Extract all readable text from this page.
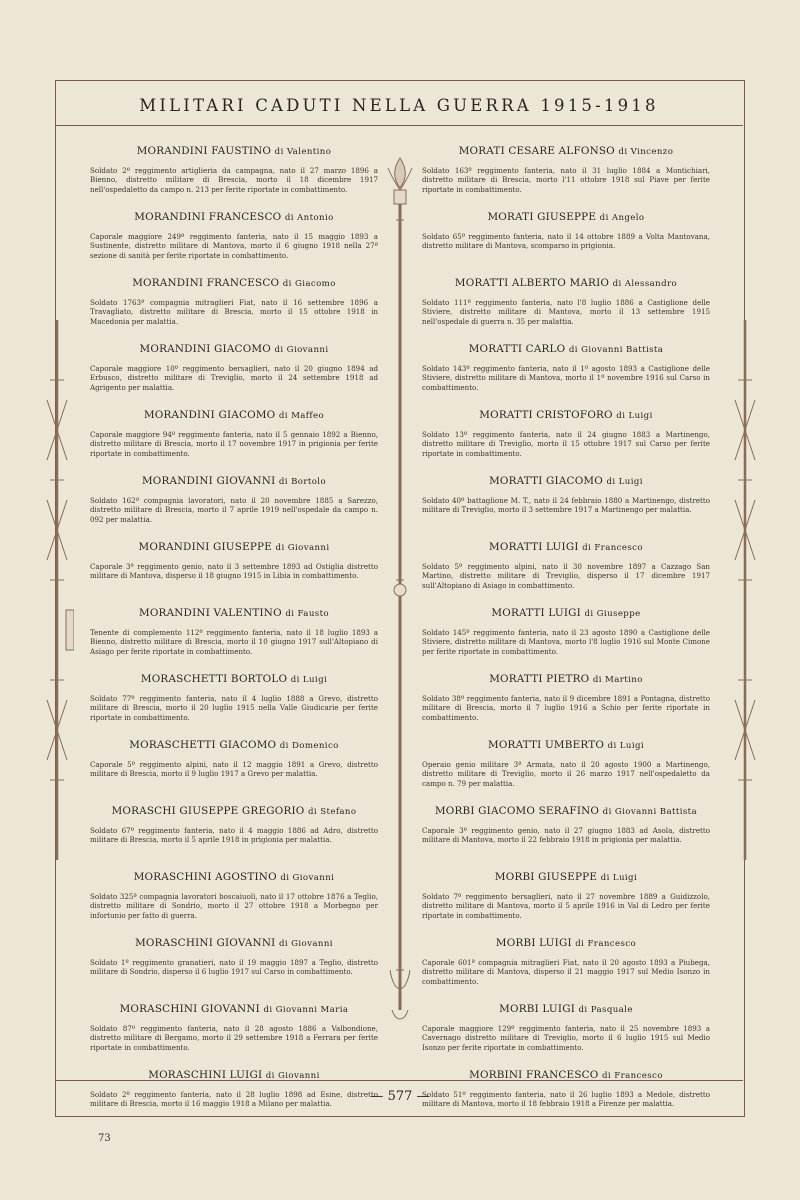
MILITARI CADUTI NELLA GUERRA 1915-1918

MORANDINI FAUSTINO di Valentino

Soldato 2º reggimento artiglieria da campagna, nato il 27 marzo 1896 a Bienno, distretto militare di Brescia, morto il 18 dicembre 1917 nell'ospedaletto da campo n. 213 per ferite riportate in combattimento.

MORANDINI FRANCESCO di Antonio

Caporale maggiore 249º reggimento fanteria, nato il 15 maggio 1893 a Sustinente, distretto militare di Mantova, morto il 6 giugno 1918 nella 27ª sezione di sanità per ferite riportate in combattimento.

MORANDINI FRANCESCO di Giacomo

Soldato 1763ª compagnia mitraglieri Fiat, nato il 16 settembre 1896 a Travagliato, distretto militare di Brescia, morto il 15 ottobre 1918 in Macedonia per malattia.

MORANDINI GIACOMO di Giovanni

Caporale maggiore 10º reggimento bersaglieri, nato il 20 giugno 1894 ad Erbusco, distretto militare di Treviglio, morto il 24 settembre 1918 ad Agrigento per malattia.

MORANDINI GIACOMO di Maffeo

Caporale maggiore 94º reggimento fanteria, nato il 5 gennaio 1892 a Bienno, distretto militare di Brescia, morto il 17 novembre 1917 in prigionia per ferite riportate in combattimento.

MORANDINI GIOVANNI di Bortolo

Soldato 162ª compagnia lavoratori, nato il 20 novembre 1885 a Sarezzo, distretto militare di Brescia, morto il 7 aprile 1919 nell'ospedale da campo n. 092 per malattia.

MORANDINI GIUSEPPE di Giovanni

Caporale 3º reggimento genio, nato il 3 settembre 1893 ad Ostiglia distretto militare di Mantova, disperso il 18 giugno 1915 in Libia in combattimento.

MORANDINI VALENTINO di Fausto

Tenente di complemento 112º reggimento fanteria, nato il 18 luglio 1893 a Bienno, distretto militare di Brescia, morto il 10 giugno 1917 sull'Altopiano di Asiago per ferite riportate in combattimento.

MORASCHETTI BORTOLO di Luigi

Soldato 77º reggimento fanteria, nato il 4 luglio 1888 a Grevo, distretto militare di Brescia, morto il 20 luglio 1915 nella Valle Giudicarie per ferite riportate in combattimento.

MORASCHETTI GIACOMO di Domenico

Caporale 5º reggimento alpini, nato il 12 maggio 1891 a Grevo, distretto militare di Brescia, morto il 9 luglio 1917 a Grevo per malattia.

MORASCHI GIUSEPPE GREGORIO di Stefano

Soldato 67º reggimento fanteria, nato il 4 maggio 1886 ad Adro, distretto militare di Brescia, morto il 5 aprile 1918 in prigionia per malattia.

MORASCHINI AGOSTINO di Giovanni

Soldato 325ª compagnia lavoratori boscaiuoli, nato il 17 ottobre 1876 a Teglio, distretto militare di Sondrio, morto il 27 ottobre 1918 a Morbegno per infortunio per fatto di guerra.

MORASCHINI GIOVANNI di Giovanni

Soldato 1º reggimento granatieri, nato il 19 maggio 1897 a Teglio, distretto militare di Sondrio, disperso il 6 luglio 1917 sul Carso in combattimento.

MORASCHINI GIOVANNI di Giovanni Maria

Soldato 87º reggimento fanteria, nato il 28 agosto 1886 a Valbondione, distretto militare di Bergamo, morto il 29 settembre 1918 a Ferrara per ferite riportate in combattimento.

MORASCHINI LUIGI di Giovanni

Soldato 2º reggimento fanteria, nato il 28 luglio 1898 ad Esine, distretto militare di Brescia, morto il 16 maggio 1918 a Milano per malattia.

MORATI CESARE ALFONSO di Vincenzo

Soldato 163º reggimento fanteria, nato il 31 luglio 1884 a Montichiari, distretto militare di Brescia, morto l'11 ottobre 1918 sul Piave per ferite riportate in combattimento.

MORATI GIUSEPPE di Angelo

Soldato 65º reggimento fanteria, nato il 14 ottobre 1889 a Volta Mantovana, distretto militare di Mantova, scomparso in prigionia.

MORATTI ALBERTO MARIO di Alessandro

Soldato 111º reggimento fanteria, nato l'8 luglio 1886 a Castiglione delle Stiviere, distretto militare di Mantova, morto il 13 settembre 1915 nell'ospedale di guerra n. 35 per malattia.

MORATTI CARLO di Giovanni Battista

Soldato 143º reggimento fanteria, nato il 1º agosto 1893 a Castiglione delle Stiviere, distretto militare di Mantova, morto il 1º novembre 1916 sul Carso in combattimento.

MORATTI CRISTOFORO di Luigi

Soldato 13º reggimento fanteria, nato il 24 giugno 1883 a Martinengo, distretto militare di Treviglio, morto il 15 ottobre 1917 sul Carso per ferite riportate in combattimento.

MORATTI GIACOMO di Luigi

Soldato 40º battaglione M. T., nato il 24 febbraio 1880 a Martinengo, distretto militare di Treviglio, morto il 3 settembre 1917 a Martinengo per malattia.

MORATTI LUIGI di Francesco

Soldato 5º reggimento alpini, nato il 30 novembre 1897 a Cazzago San Martino, distretto militare di Treviglio, disperso il 17 dicembre 1917 sull'Altopiano di Asiago in combattimento.

MORATTI LUIGI di Giuseppe

Soldato 145º reggimento fanteria, nato il 23 agosto 1890 a Castiglione delle Stiviere, distretto militare di Mantova, morto l'8 luglio 1916 sul Monte Cimone per ferite riportate in combattimento.

MORATTI PIETRO di Martino

Soldato 38º reggimento fanteria, nato il 9 dicembre 1891 a Pontagna, distretto militare di Brescia, morto il 7 luglio 1916 a Schio per ferite riportate in combattimento.

MORATTI UMBERTO di Luigi

Operaio genio militare 3ª Armata, nato il 20 agosto 1900 a Martinengo, distretto militare di Treviglio, morto il 26 marzo 1917 nell'ospedaletto da campo n. 79 per malattia.

MORBI GIACOMO SERAFINO di Giovanni Battista

Caporale 3º reggimento genio, nato il 27 giugno 1883 ad Asola, distretto militare di Mantova, morto il 22 febbraio 1918 in prigionia per malattia.

MORBI GIUSEPPE di Luigi

Soldato 7º reggimento bersaglieri, nato il 27 novembre 1889 a Guidizzolo, distretto militare di Mantova, morto il 5 aprile 1916 in Val di Ledro per ferite riportate in combattimento.

MORBI LUIGI di Francesco

Caporale 601ª compagnia mitraglieri Fiat, nato il 20 agosto 1893 a Piubega, distretto militare di Mantova, disperso il 21 maggio 1917 sul Medio Isonzo in combattimento.

MORBI LUIGI di Pasquale

Caporale maggiore 129º reggimento fanteria, nato il 25 novembre 1893 a Cavernago distretto militare di Treviglio, morto il 6 luglio 1915 sul Medio Isonzo per ferite riportate in combattimento.

MORBINI FRANCESCO di Francesco

Soldato 51º reggimento fanteria, nato il 26 luglio 1893 a Medole, distretto militare di Mantova, morto il 18 febbraio 1918 a Firenze per malattia.

— 577 —
73
